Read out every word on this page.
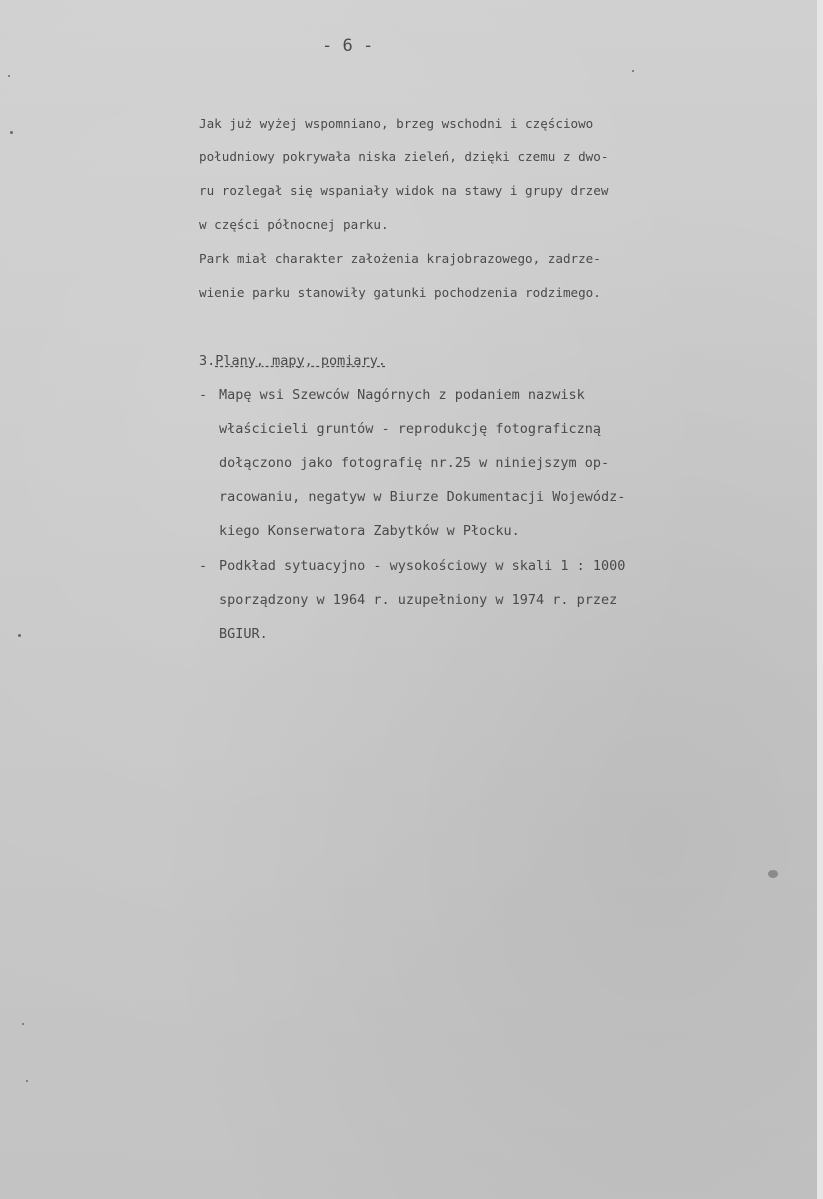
- 6 -

Jak już wyżej wspomniano, brzeg wschodni i częściowo

południowy pokrywała niska zieleń, dzięki czemu z dwo-

ru rozlegał się wspaniały widok na stawy i grupy drzew

w części północnej parku.

Park miał charakter założenia krajobrazowego, zadrze-

wienie parku stanowiły gatunki pochodzenia rodzimego.

3.Plany, mapy, pomiary.

- Mapę wsi Szewców Nagórnych z podaniem nazwisk

właścicieli gruntów - reprodukcję fotograficzną

dołączono jako fotografię nr.25 w niniejszym op-

racowaniu, negatyw w Biurze Dokumentacji Wojewódz-

kiego Konserwatora Zabytków w Płocku.

- Podkład sytuacyjno - wysokościowy w skali 1 : 1000

sporządzony w 1964 r. uzupełniony w 1974 r. przez

BGIUR.
